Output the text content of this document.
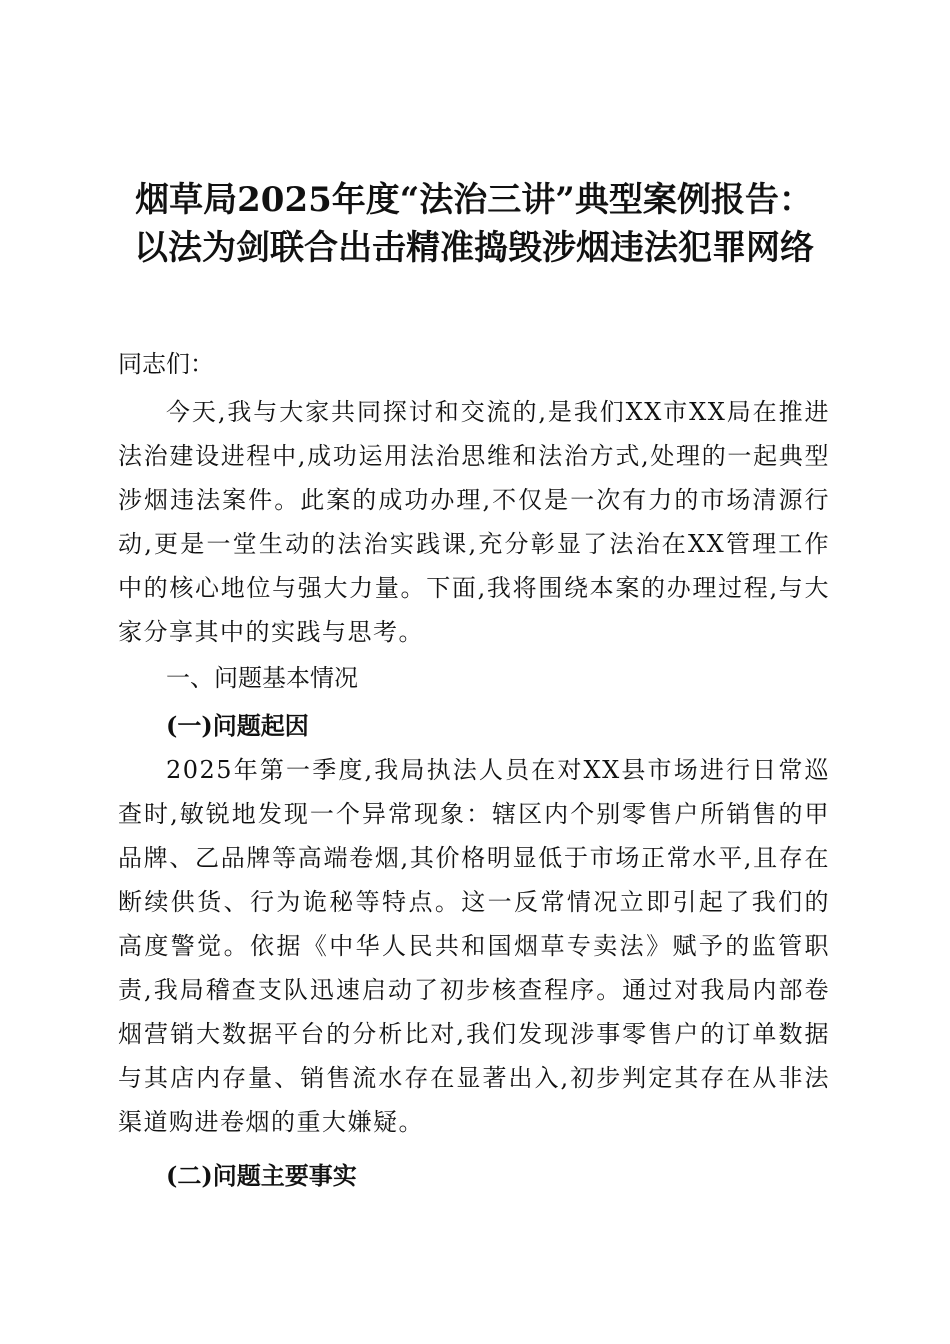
烟草局2025年度“法治三讲”典型案例报告：
以法为剑联合出击精准捣毁涉烟违法犯罪网络

同志们：

今天,我与大家共同探讨和交流的,是我们XX市XX局在推进法治建设进程中,成功运用法治思维和法治方式,处理的一起典型涉烟违法案件。此案的成功办理,不仅是一次有力的市场清源行动,更是一堂生动的法治实践课,充分彰显了法治在XX管理工作中的核心地位与强大力量。下面,我将围绕本案的办理过程,与大家分享其中的实践与思考。

一、问题基本情况
(一)问题起因

2025年第一季度,我局执法人员在对XX县市场进行日常巡查时,敏锐地发现一个异常现象：辖区内个别零售户所销售的甲品牌、乙品牌等高端卷烟,其价格明显低于市场正常水平,且存在断续供货、行为诡秘等特点。这一反常情况立即引起了我们的高度警觉。依据《中华人民共和国烟草专卖法》赋予的监管职责,我局稽查支队迅速启动了初步核查程序。通过对我局内部卷烟营销大数据平台的分析比对,我们发现涉事零售户的订单数据与其店内存量、销售流水存在显著出入,初步判定其存在从非法渠道购进卷烟的重大嫌疑。

(二)问题主要事实
